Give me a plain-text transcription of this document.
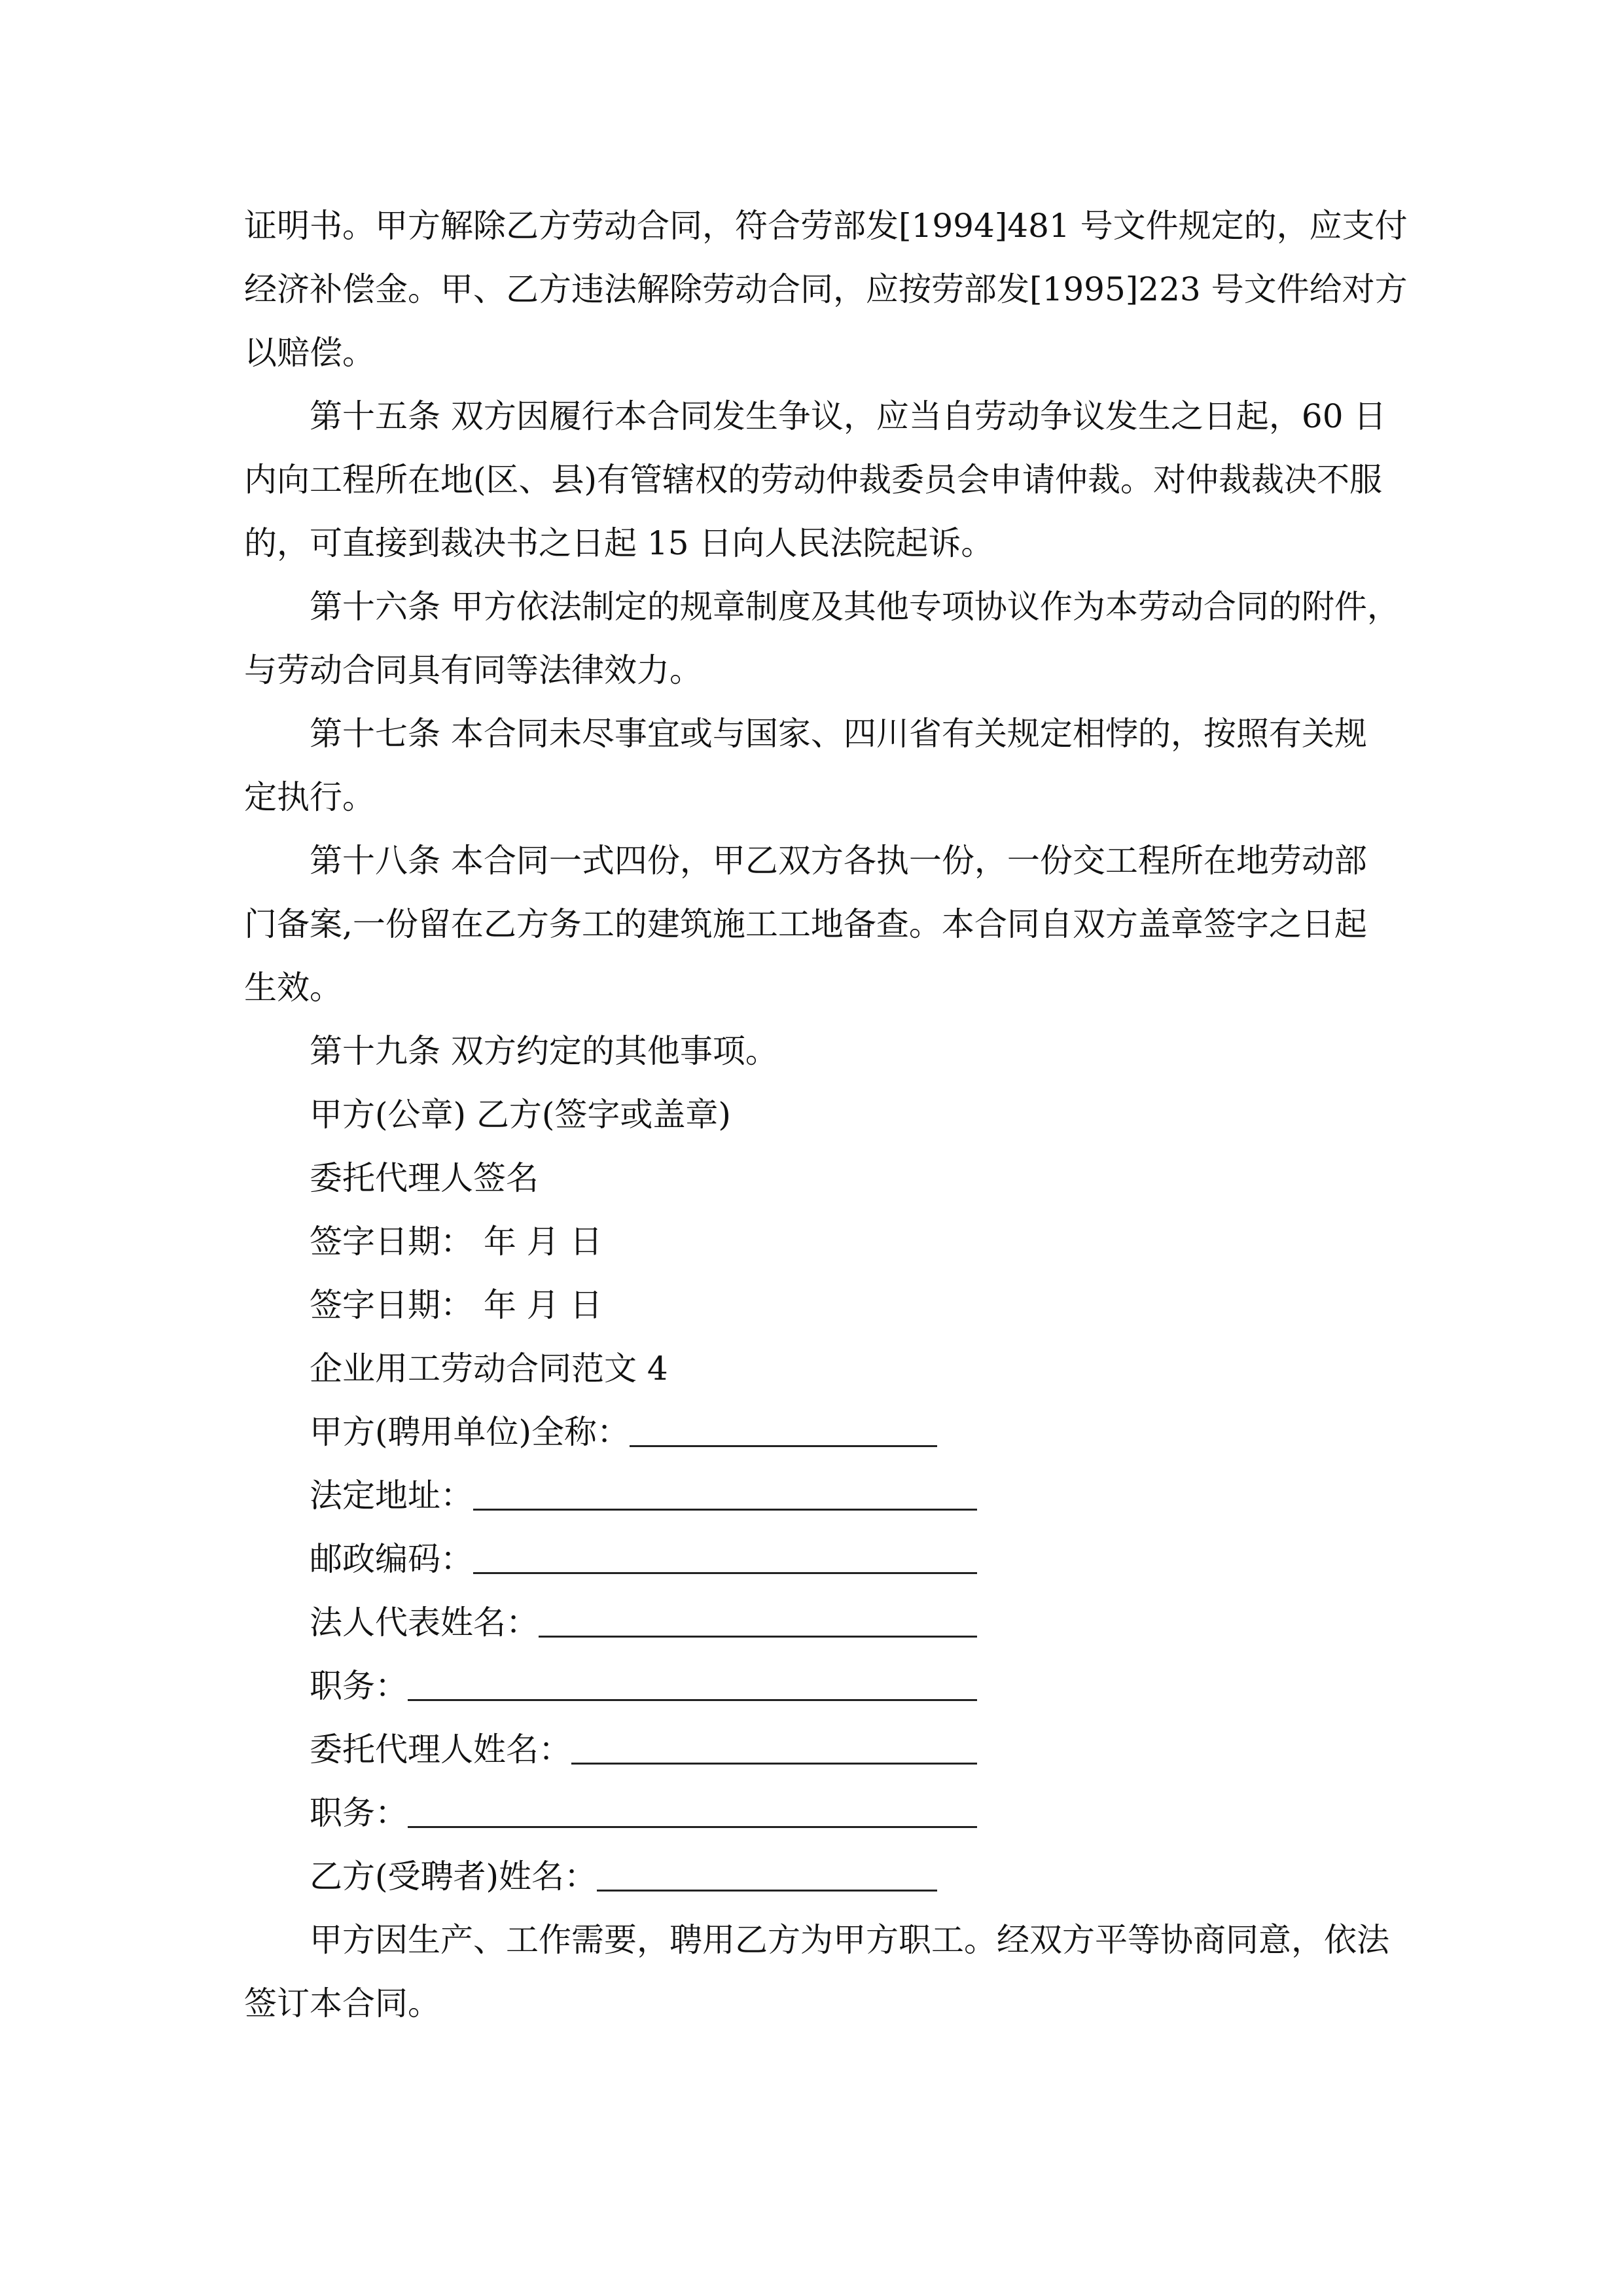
证明书。甲方解除乙方劳动合同，符合劳部发[1994]481 号文件规定的，应支付

经济补偿金。甲、乙方违法解除劳动合同，应按劳部发[1995]223 号文件给对方

以赔偿。

第十五条 双方因履行本合同发生争议，应当自劳动争议发生之日起，60 日

内向工程所在地(区、县)有管辖权的劳动仲裁委员会申请仲裁。对仲裁裁决不服

的，可直接到裁决书之日起 15 日向人民法院起诉。

第十六条 甲方依法制定的规章制度及其他专项协议作为本劳动合同的附件，

与劳动合同具有同等法律效力。

第十七条 本合同未尽事宜或与国家、四川省有关规定相悖的，按照有关规

定执行。

第十八条 本合同一式四份，甲乙双方各执一份，一份交工程所在地劳动部

门备案,一份留在乙方务工的建筑施工工地备查。本合同自双方盖章签字之日起

生效。

第十九条 双方约定的其他事项。

甲方(公章) 乙方(签字或盖章)

委托代理人签名

签字日期： 年 月 日

签字日期： 年 月 日

企业用工劳动合同范文 4

甲方(聘用单位)全称：
法定地址：
邮政编码：
法人代表姓名：
职务：
委托代理人姓名：
职务：
乙方(受聘者)姓名：

甲方因生产、工作需要，聘用乙方为甲方职工。经双方平等协商同意，依法

签订本合同。
